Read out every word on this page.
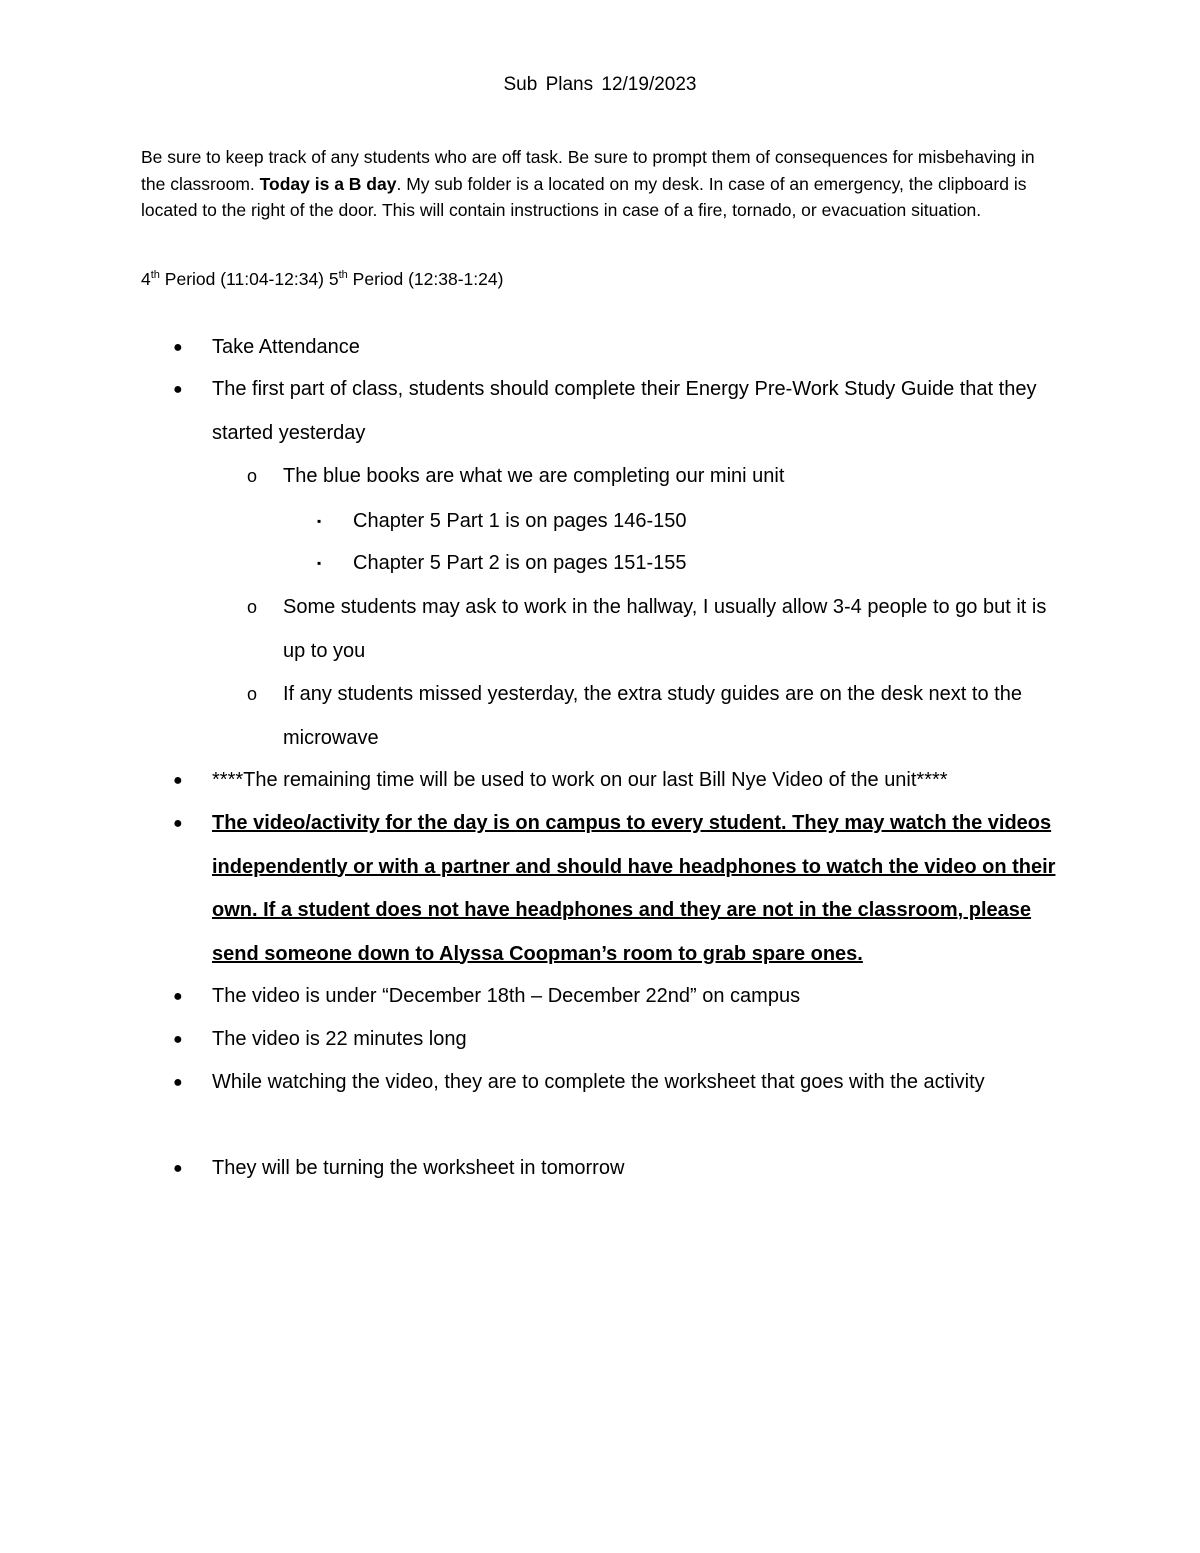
Sub Plans 12/19/2023
Be sure to keep track of any students who are off task. Be sure to prompt them of consequences for misbehaving in the classroom. Today is a B day. My sub folder is a located on my desk. In case of an emergency, the clipboard is located to the right of the door. This will contain instructions in case of a fire, tornado, or evacuation situation.
4th Period (11:04-12:34) 5th Period (12:38-1:24)
● Take Attendance
● The first part of class, students should complete their Energy Pre-Work Study Guide that they started yesterday
o The blue books are what we are completing our mini unit
▪ Chapter 5 Part 1 is on pages 146-150
▪ Chapter 5 Part 2 is on pages 151-155
o Some students may ask to work in the hallway, I usually allow 3-4 people to go but it is up to you
o If any students missed yesterday, the extra study guides are on the desk next to the microwave
● ****The remaining time will be used to work on our last Bill Nye Video of the unit****
● The video/activity for the day is on campus to every student. They may watch the videos independently or with a partner and should have headphones to watch the video on their own. If a student does not have headphones and they are not in the classroom, please send someone down to Alyssa Coopman’s room to grab spare ones.
● The video is under “December 18th – December 22nd” on campus
● The video is 22 minutes long
● While watching the video, they are to complete the worksheet that goes with the activity
● They will be turning the worksheet in tomorrow
